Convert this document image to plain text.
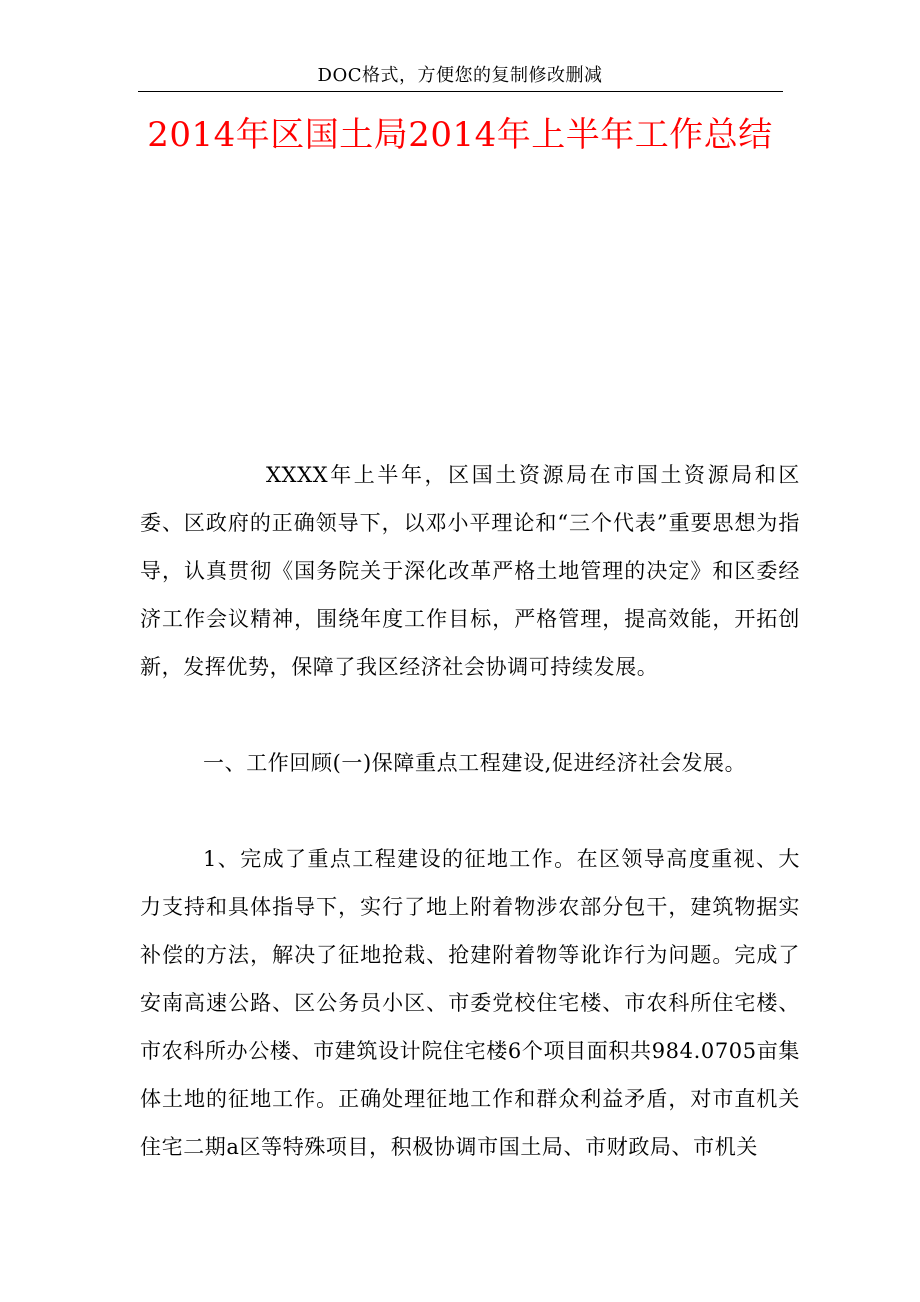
DOC格式，方便您的复制修改删减
2014年区国土局2014年上半年工作总结

XXXX年上半年，区国土资源局在市国土资源局和区委、区政府的正确领导下，以邓小平理论和“三个代表”重要思想为指导，认真贯彻《国务院关于深化改革严格土地管理的决定》和区委经济工作会议精神，围绕年度工作目标，严格管理，提高效能，开拓创新，发挥优势，保障了我区经济社会协调可持续发展。

一、工作回顾(一)保障重点工程建设,促进经济社会发展。

1、完成了重点工程建设的征地工作。在区领导高度重视、大力支持和具体指导下，实行了地上附着物涉农部分包干，建筑物据实补偿的方法，解决了征地抢栽、抢建附着物等讹诈行为问题。完成了安南高速公路、区公务员小区、市委党校住宅楼、市农科所住宅楼、市农科所办公楼、市建筑设计院住宅楼6个项目面积共984.0705亩集体土地的征地工作。正确处理征地工作和群众利益矛盾，对市直机关住宅二期a区等特殊项目，积极协调市国土局、市财政局、市机关
